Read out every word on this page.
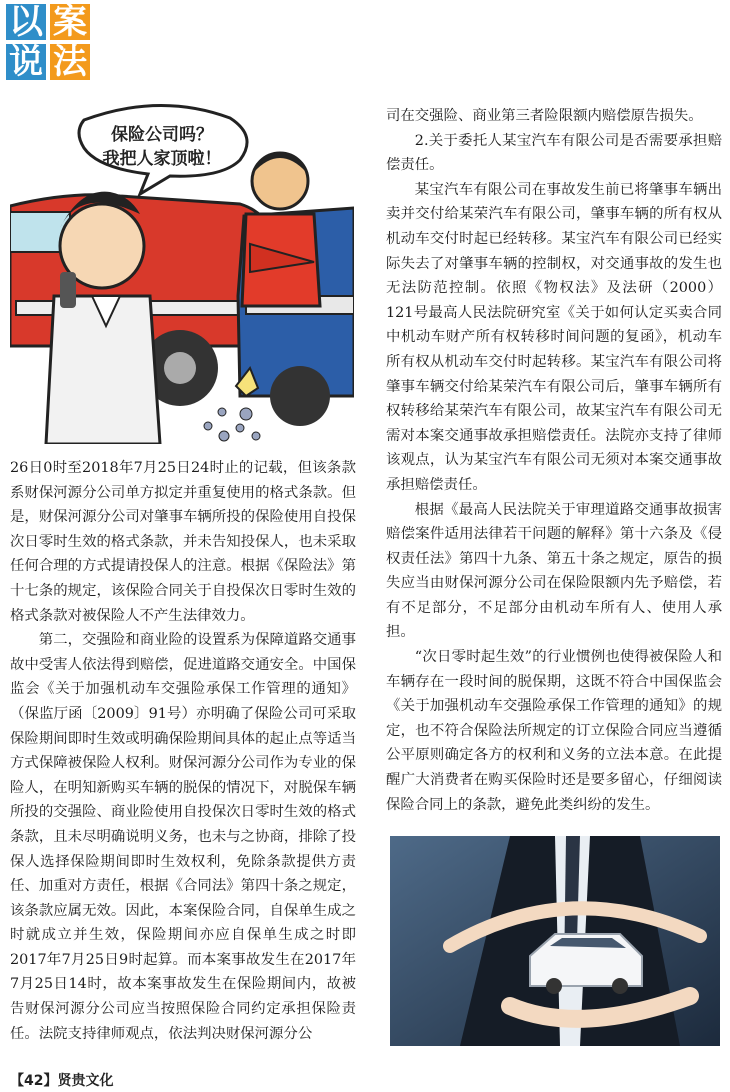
以 案
说 法
保险公司吗？
我把人家顶啦！

26日0时至2018年7月25日24时止的记载，但该条款系财保河源分公司单方拟定并重复使用的格式条款。但是，财保河源分公司对肇事车辆所投的保险使用自投保次日零时生效的格式条款，并未告知投保人，也未采取任何合理的方式提请投保人的注意。根据《保险法》第十七条的规定，该保险合同关于自投保次日零时生效的格式条款对被保险人不产生法律效力。

第二，交强险和商业险的设置系为保障道路交通事故中受害人依法得到赔偿，促进道路交通安全。中国保监会《关于加强机动车交强险承保工作管理的通知》（保监厅函〔2009〕91号）亦明确了保险公司可采取保险期间即时生效或明确保险期间具体的起止点等适当方式保障被保险人权利。财保河源分公司作为专业的保险人，在明知新购买车辆的脱保的情况下，对脱保车辆所投的交强险、商业险使用自投保次日零时生效的格式条款，且未尽明确说明义务，也未与之协商，排除了投保人选择保险期间即时生效权利，免除条款提供方责任、加重对方责任，根据《合同法》第四十条之规定，该条款应属无效。因此，本案保险合同，自保单生成之时就成立并生效，保险期间亦应自保单生成之时即2017年7月25日9时起算。而本案事故发生在2017年7月25日14时，故本案事故发生在保险期间内，故被告财保河源分公司应当按照保险合同约定承担保险责任。法院支持律师观点，依法判决财保河源分公

司在交强险、商业第三者险限额内赔偿原告损失。

2.关于委托人某宝汽车有限公司是否需要承担赔偿责任。

某宝汽车有限公司在事故发生前已将肇事车辆出卖并交付给某荣汽车有限公司，肇事车辆的所有权从机动车交付时起已经转移。某宝汽车有限公司已经实际失去了对肇事车辆的控制权，对交通事故的发生也无法防范控制。依照《物权法》及法研（2000）121号最高人民法院研究室《关于如何认定买卖合同中机动车财产所有权转移时间问题的复函》，机动车所有权从机动车交付时起转移。某宝汽车有限公司将肇事车辆交付给某荣汽车有限公司后，肇事车辆所有权转移给某荣汽车有限公司，故某宝汽车有限公司无需对本案交通事故承担赔偿责任。法院亦支持了律师该观点，认为某宝汽车有限公司无须对本案交通事故承担赔偿责任。

根据《最高人民法院关于审理道路交通事故损害赔偿案件适用法律若干问题的解释》第十六条及《侵权责任法》第四十九条、第五十条之规定，原告的损失应当由财保河源分公司在保险限额内先予赔偿，若有不足部分，不足部分由机动车所有人、使用人承担。

“次日零时起生效”的行业惯例也使得被保险人和车辆存在一段时间的脱保期，这既不符合中国保监会《关于加强机动车交强险承保工作管理的通知》的规定，也不符合保险法所规定的订立保险合同应当遵循公平原则确定各方的权利和义务的立法本意。在此提醒广大消费者在购买保险时还是要多留心，仔细阅读保险合同上的条款，避免此类纠纷的发生。

【42】贤贵文化
